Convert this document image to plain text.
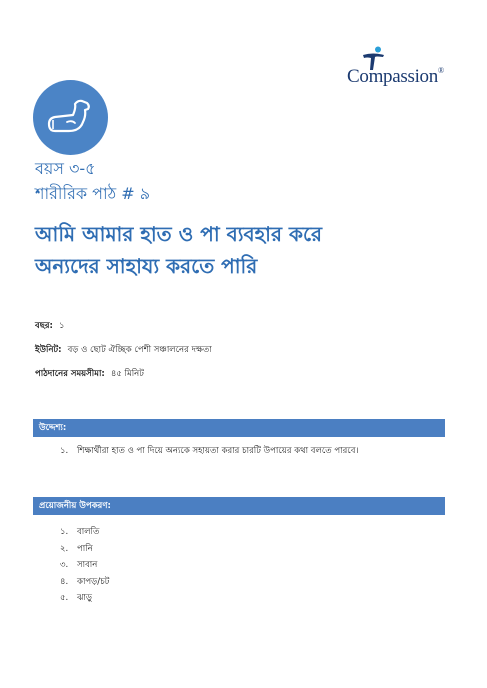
Compassion®
বয়স ৩-৫
শারীরিক পাঠ # ৯
আমি আমার হাত ও পা ব্যবহার করে
অন্যদের সাহায্য করতে পারি
বছর: ১
ইউনিট: বড় ও ছোট ঐচ্ছিক পেশী সঞ্চালনের দক্ষতা
পাঠদানের সময়সীমা: ৪৫ মিনিট
উদ্দেশ্য:
১.	শিক্ষার্থীরা হাত ও পা দিয়ে অন্যকে সহায়তা করার চারটি উপায়ের কথা বলতে পারবে।
প্রয়োজনীয় উপকরণ:
১.	বালতি
২.	পানি
৩.	সাবান
৪.	কাপড়/চট
৫.	ঝাড়ু
